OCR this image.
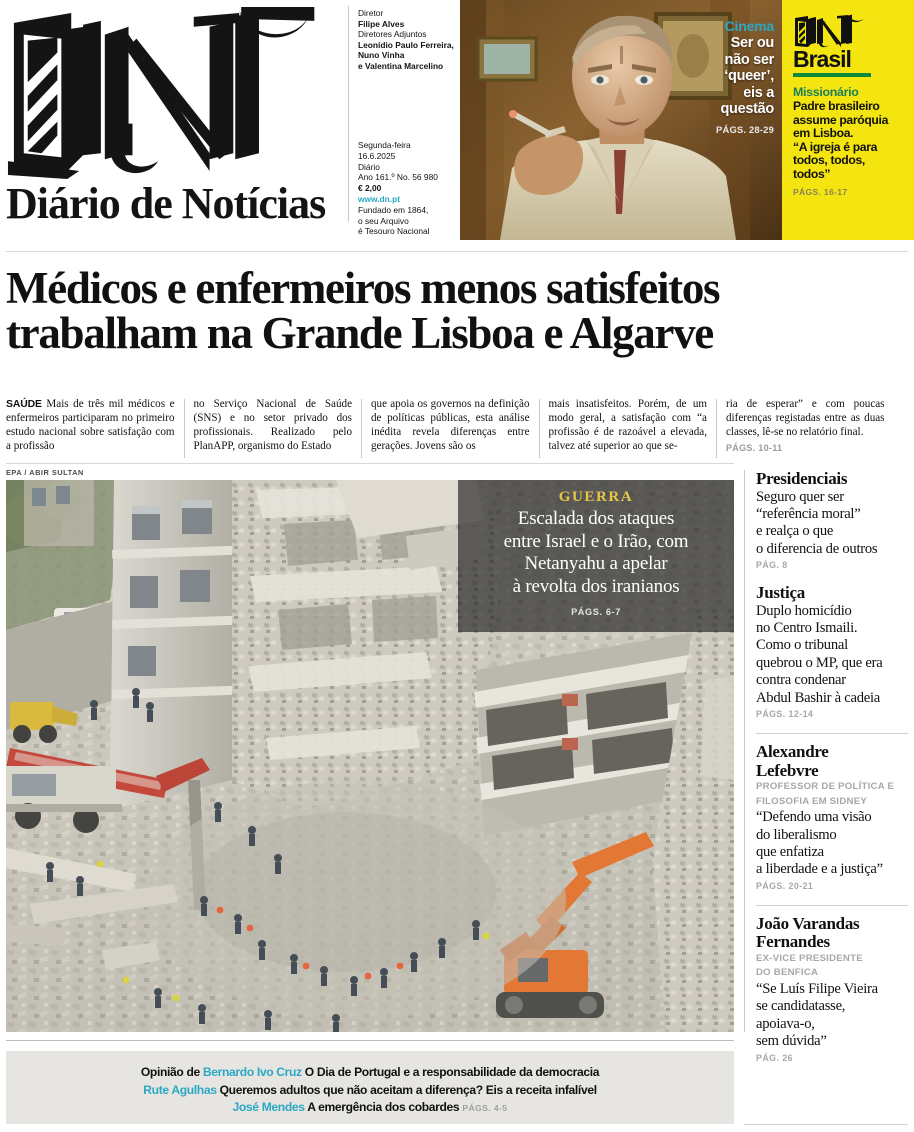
Diário de Notícias
Diretor
Filipe Alves
Diretores Adjuntos
Leonídio Paulo Ferreira,
Nuno Vinha
e Valentina Marcelino
Segunda-feira
16.6.2025
Diário
Ano 161.º No. 56 980
€ 2,00
www.dn.pt
Fundado em 1864,
o seu Arquivo
é Tesouro Nacional
Cinema
Ser ou
não ser
‘queer’,
eis a
questão
PÁGS. 28-29
Brasil
Missionário
Padre brasileiro
assume paróquia
em Lisboa.
“A igreja é para
todos, todos,
todos”
PÁGS. 16-17
Médicos e enfermeiros menos satisfeitos
trabalham na Grande Lisboa e Algarve
SAÚDE Mais de três mil médicos e enfermeiros participaram no primeiro estudo nacional sobre satisfação com a profissão
no Serviço Nacional de Saúde (SNS) e no setor privado dos profissionais. Realizado pelo PlanAPP, organismo do Estado
que apoia os governos na definição de políticas públicas, esta análise inédita revela diferenças entre gerações. Jovens são os
mais insatisfeitos. Porém, de um modo geral, a satisfação com “a profissão é de razoável a elevada, talvez até superior ao que se-
ria de esperar” e com poucas diferenças registadas entre as duas classes, lê-se no relatório final.
PÁGS. 10-11
EPA / ABIR SULTAN
GUERRA
Escalada dos ataques
entre Israel e o Irão, com
Netanyahu a apelar
à revolta dos iranianos
PÁGS. 6-7
Presidenciais
Seguro quer ser
“referência moral”
e realça o que
o diferencia de outros
PÁG. 8
Justiça
Duplo homicídio
no Centro Ismaili.
Como o tribunal
quebrou o MP, que era
contra condenar
Abdul Bashir à cadeia
PÁGS. 12-14
Alexandre
Lefebvre
PROFESSOR DE POLÍTICA E
FILOSOFIA EM SIDNEY
“Defendo uma visão
do liberalismo
que enfatiza
a liberdade e a justiça”
PÁGS. 20-21
João Varandas
Fernandes
EX-VICE PRESIDENTE
DO BENFICA
“Se Luís Filipe Vieira
se candidatasse,
apoiava-o,
sem dúvida”
PÁG. 26
Opinião de Bernardo Ivo Cruz O Dia de Portugal e a responsabilidade da democracia
Rute Agulhas Queremos adultos que não aceitam a diferença? Eis a receita infalível
José Mendes A emergência dos cobardes PÁGS. 4-5
